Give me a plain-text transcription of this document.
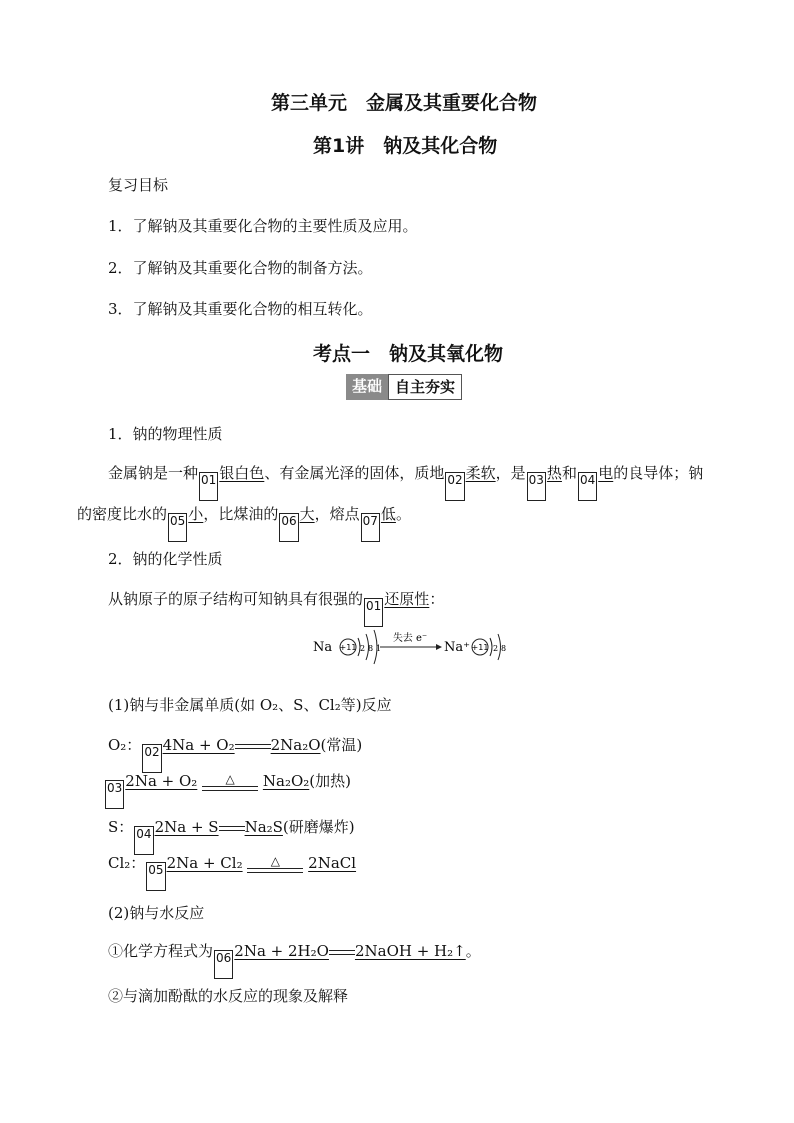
第三单元　金属及其重要化合物
第1讲　钠及其化合物
复习目标
1．了解钠及其重要化合物的主要性质及应用。
2．了解钠及其重要化合物的制备方法。
3．了解钠及其重要化合物的相互转化。
考点一　钠及其氧化物
基础 自主夯实
1．钠的物理性质
金属钠是一种 01 银白色、有金属光泽的固体，质地 02 柔软，是 03 热和 04 电的良导体；钠
的密度比水的 05 小，比煤油的 06 大，熔点 07 低。
2．钠的化学性质
从钠原子的原子结构可知钠具有很强的 01 还原性：
Na +11 2 8 1
失去 e⁻
Na⁺ +11 2 8
(1)钠与非金属单质(如 O₂、S、Cl₂等)反应
O₂： 02 4Na + O₂ 2Na₂O(常温)
03 2Na + O₂	△	Na₂O₂(加热)
S： 04 2Na + S Na₂S(研磨爆炸)
Cl₂： 05 2Na + Cl₂	△	2NaCl
(2)钠与水反应
①化学方程式为 06 2Na + 2H₂O 2NaOH + H₂↑。
②与滴加酚酞的水反应的现象及解释
